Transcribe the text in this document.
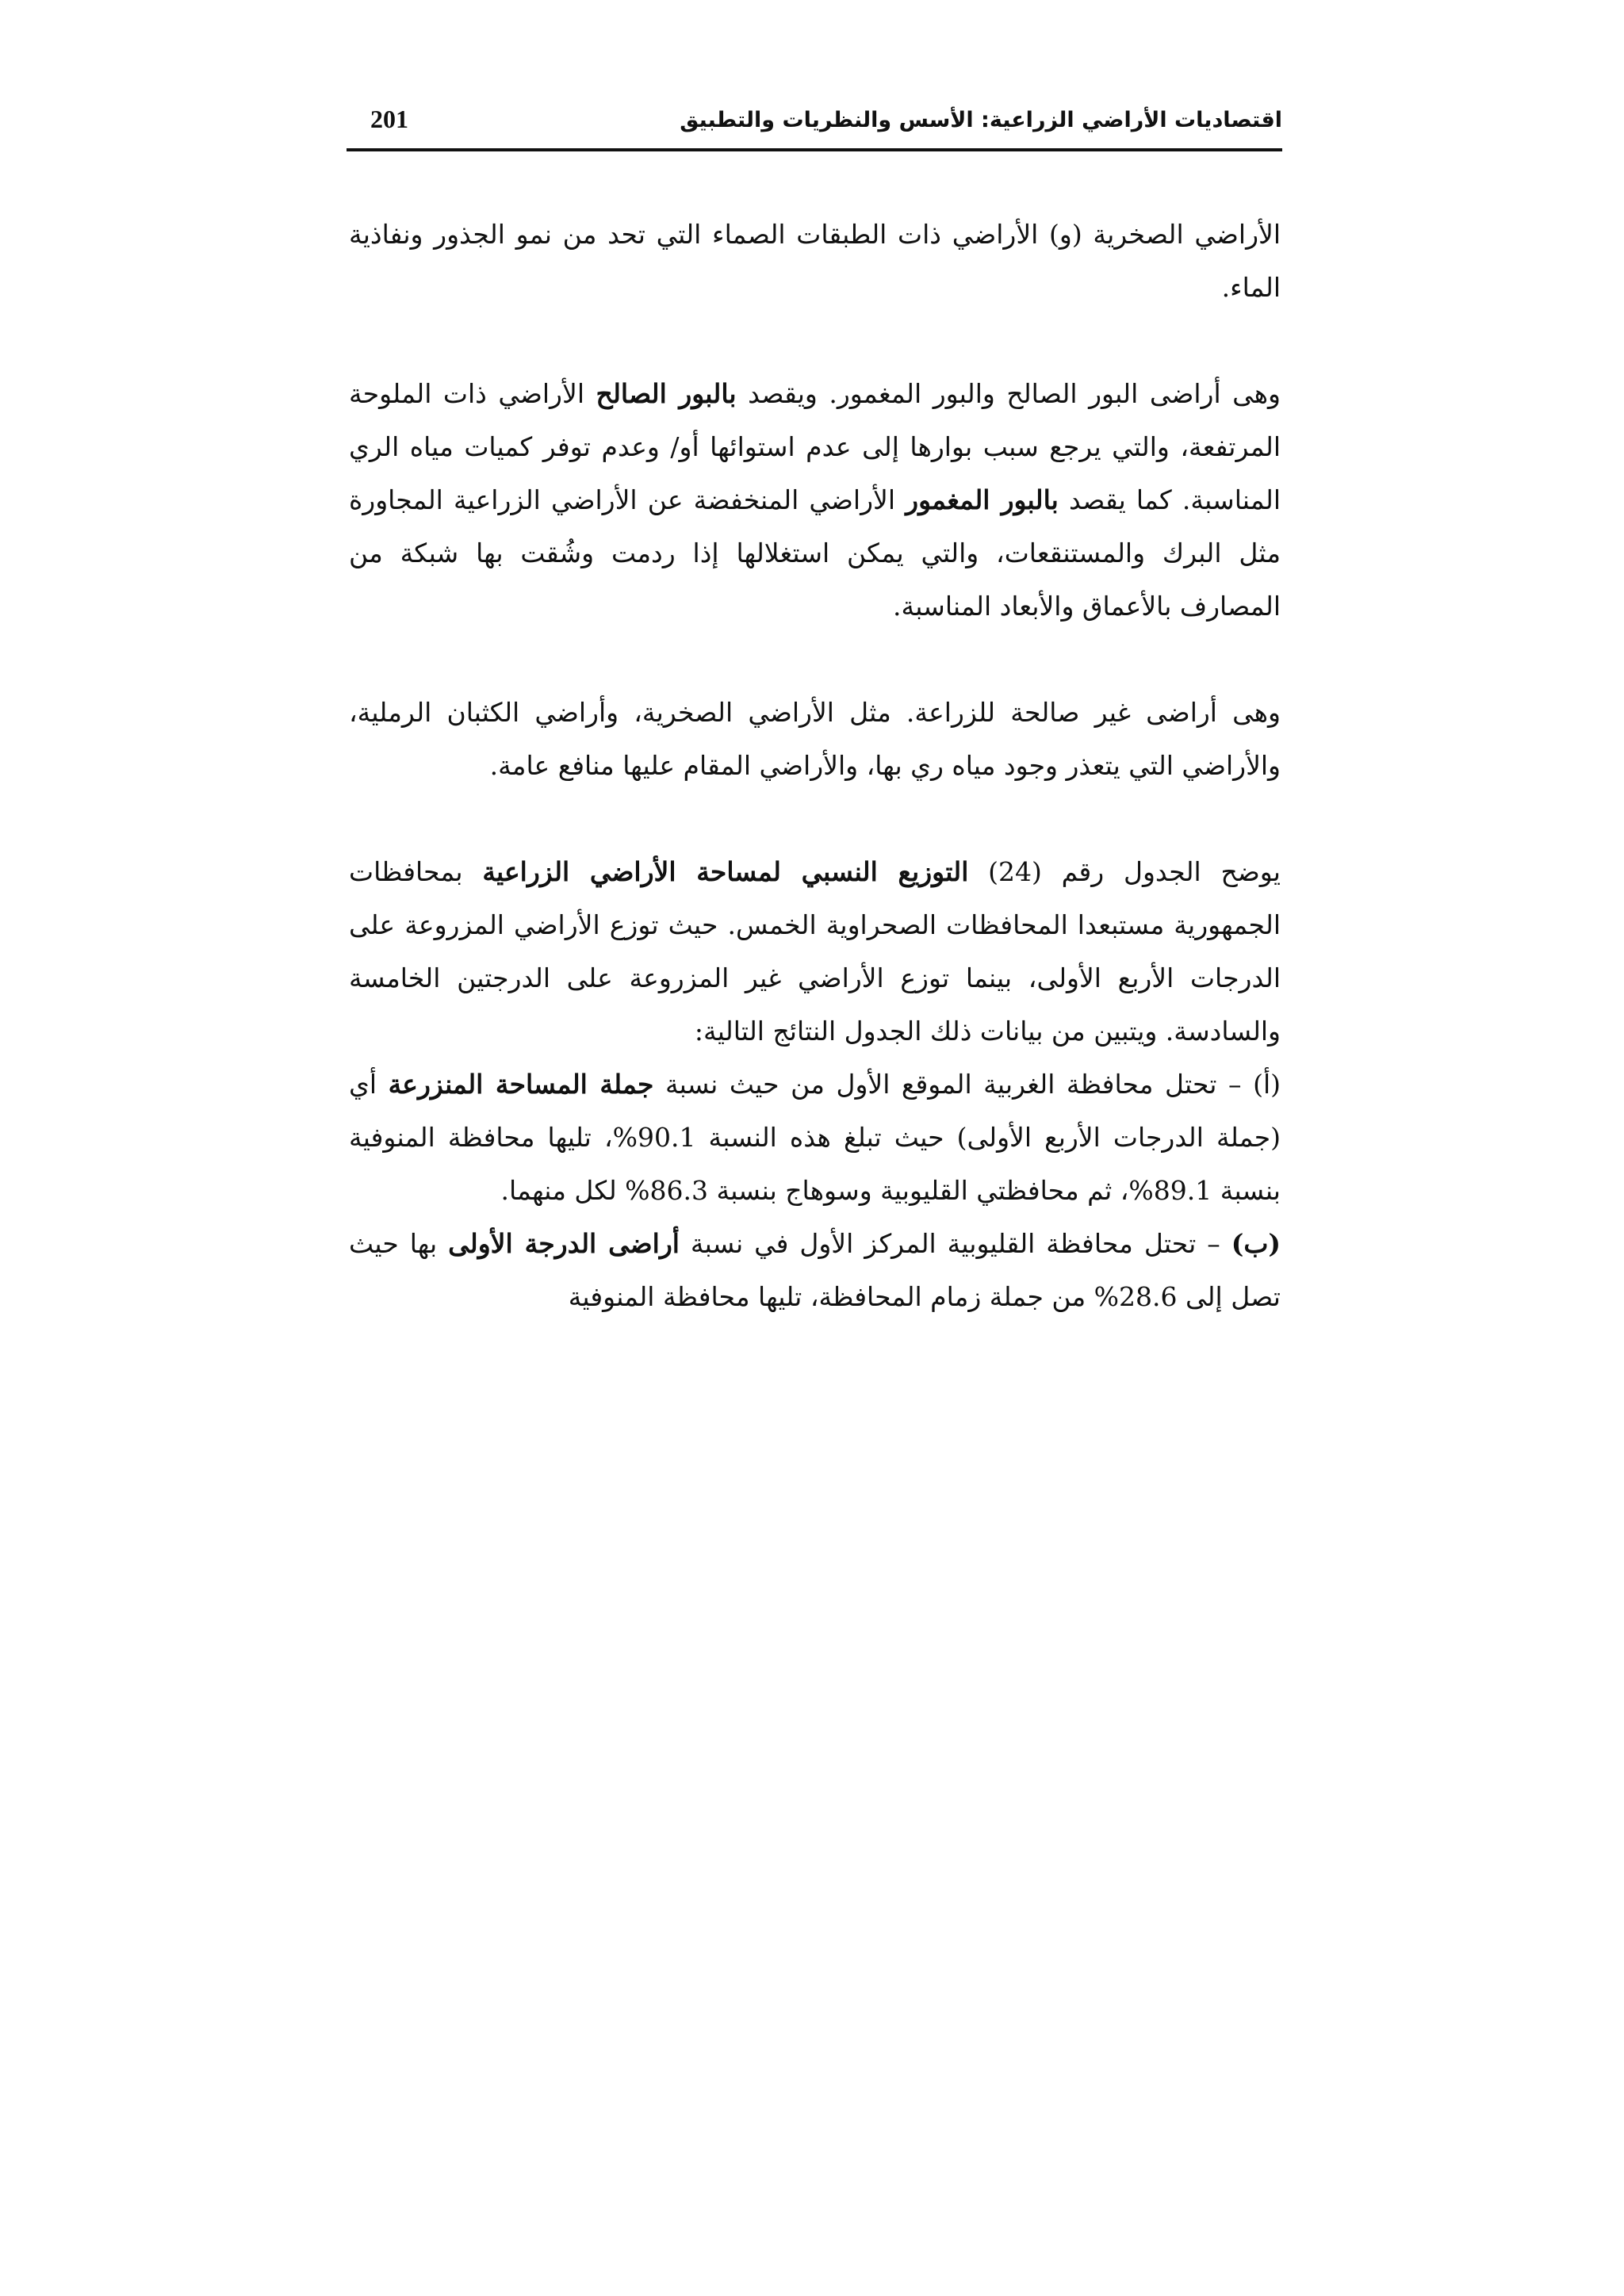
اقتصاديات الأراضي الزراعية: الأسس والنظريات والتطبيق
201

الأراضي الصخرية (و) الأراضي ذات الطبقات الصماء التي تحد من نمو الجذور ونفاذية الماء.

وهى أراضى البور الصالح والبور المغمور. ويقصد بالبور الصالح الأراضي ذات الملوحة المرتفعة، والتي يرجع سبب بوارها إلى عدم استوائها أو/ وعدم توفر كميات مياه الري المناسبة. كما يقصد بالبور المغمور الأراضي المنخفضة عن الأراضي الزراعية المجاورة مثل البرك والمستنقعات، والتي يمكن استغلالها إذا ردمت وشُقت بها شبكة من المصارف بالأعماق والأبعاد المناسبة.

وهى أراضى غير صالحة للزراعة. مثل الأراضي الصخرية، وأراضي الكثبان الرملية، والأراضي التي يتعذر وجود مياه ري بها، والأراضي المقام عليها منافع عامة.

يوضح الجدول رقم (24) التوزيع النسبي لمساحة الأراضي الزراعية بمحافظات الجمهورية مستبعدا المحافظات الصحراوية الخمس. حيث توزع الأراضي المزروعة على الدرجات الأربع الأولى، بينما توزع الأراضي غير المزروعة على الدرجتين الخامسة والسادسة. ويتبين من بيانات ذلك الجدول النتائج التالية:

(أ) – تحتل محافظة الغربية الموقع الأول من حيث نسبة جملة المساحة المنزرعة أي (جملة الدرجات الأربع الأولى) حيث تبلغ هذه النسبة 90.1%، تليها محافظة المنوفية بنسبة 89.1%، ثم محافظتي القليوبية وسوهاج بنسبة 86.3% لكل منهما.

(ب) – تحتل محافظة القليوبية المركز الأول في نسبة أراضى الدرجة الأولى بها حيث تصل إلى 28.6% من جملة زمام المحافظة، تليها محافظة المنوفية
